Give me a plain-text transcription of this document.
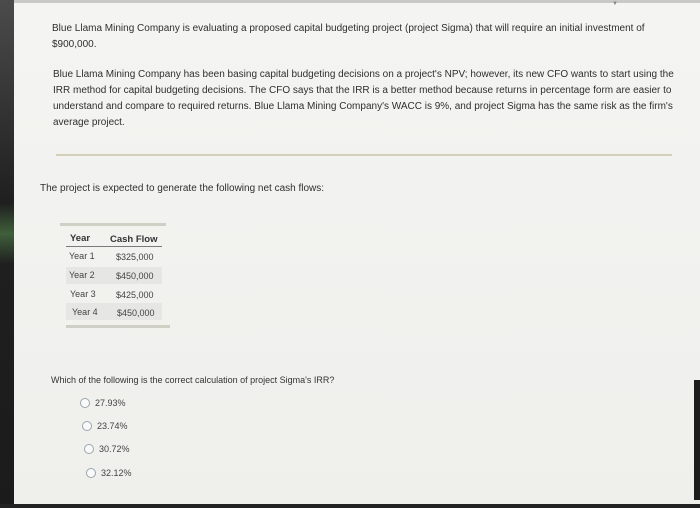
▼
Blue Llama Mining Company is evaluating a proposed capital budgeting project (project Sigma) that will require an initial investment of $900,000.
Blue Llama Mining Company has been basing capital budgeting decisions on a project's NPV; however, its new CFO wants to start using the IRR method for capital budgeting decisions. The CFO says that the IRR is a better method because returns in percentage form are easier to understand and compare to required returns. Blue Llama Mining Company's WACC is 9%, and project Sigma has the same risk as the firm's average project.
The project is expected to generate the following net cash flows:
Year Cash Flow
Year 1 $325,000
Year 2 $450,000
Year 3 $425,000
Year 4 $450,000
Which of the following is the correct calculation of project Sigma's IRR?
27.93%
23.74%
30.72%
32.12%
